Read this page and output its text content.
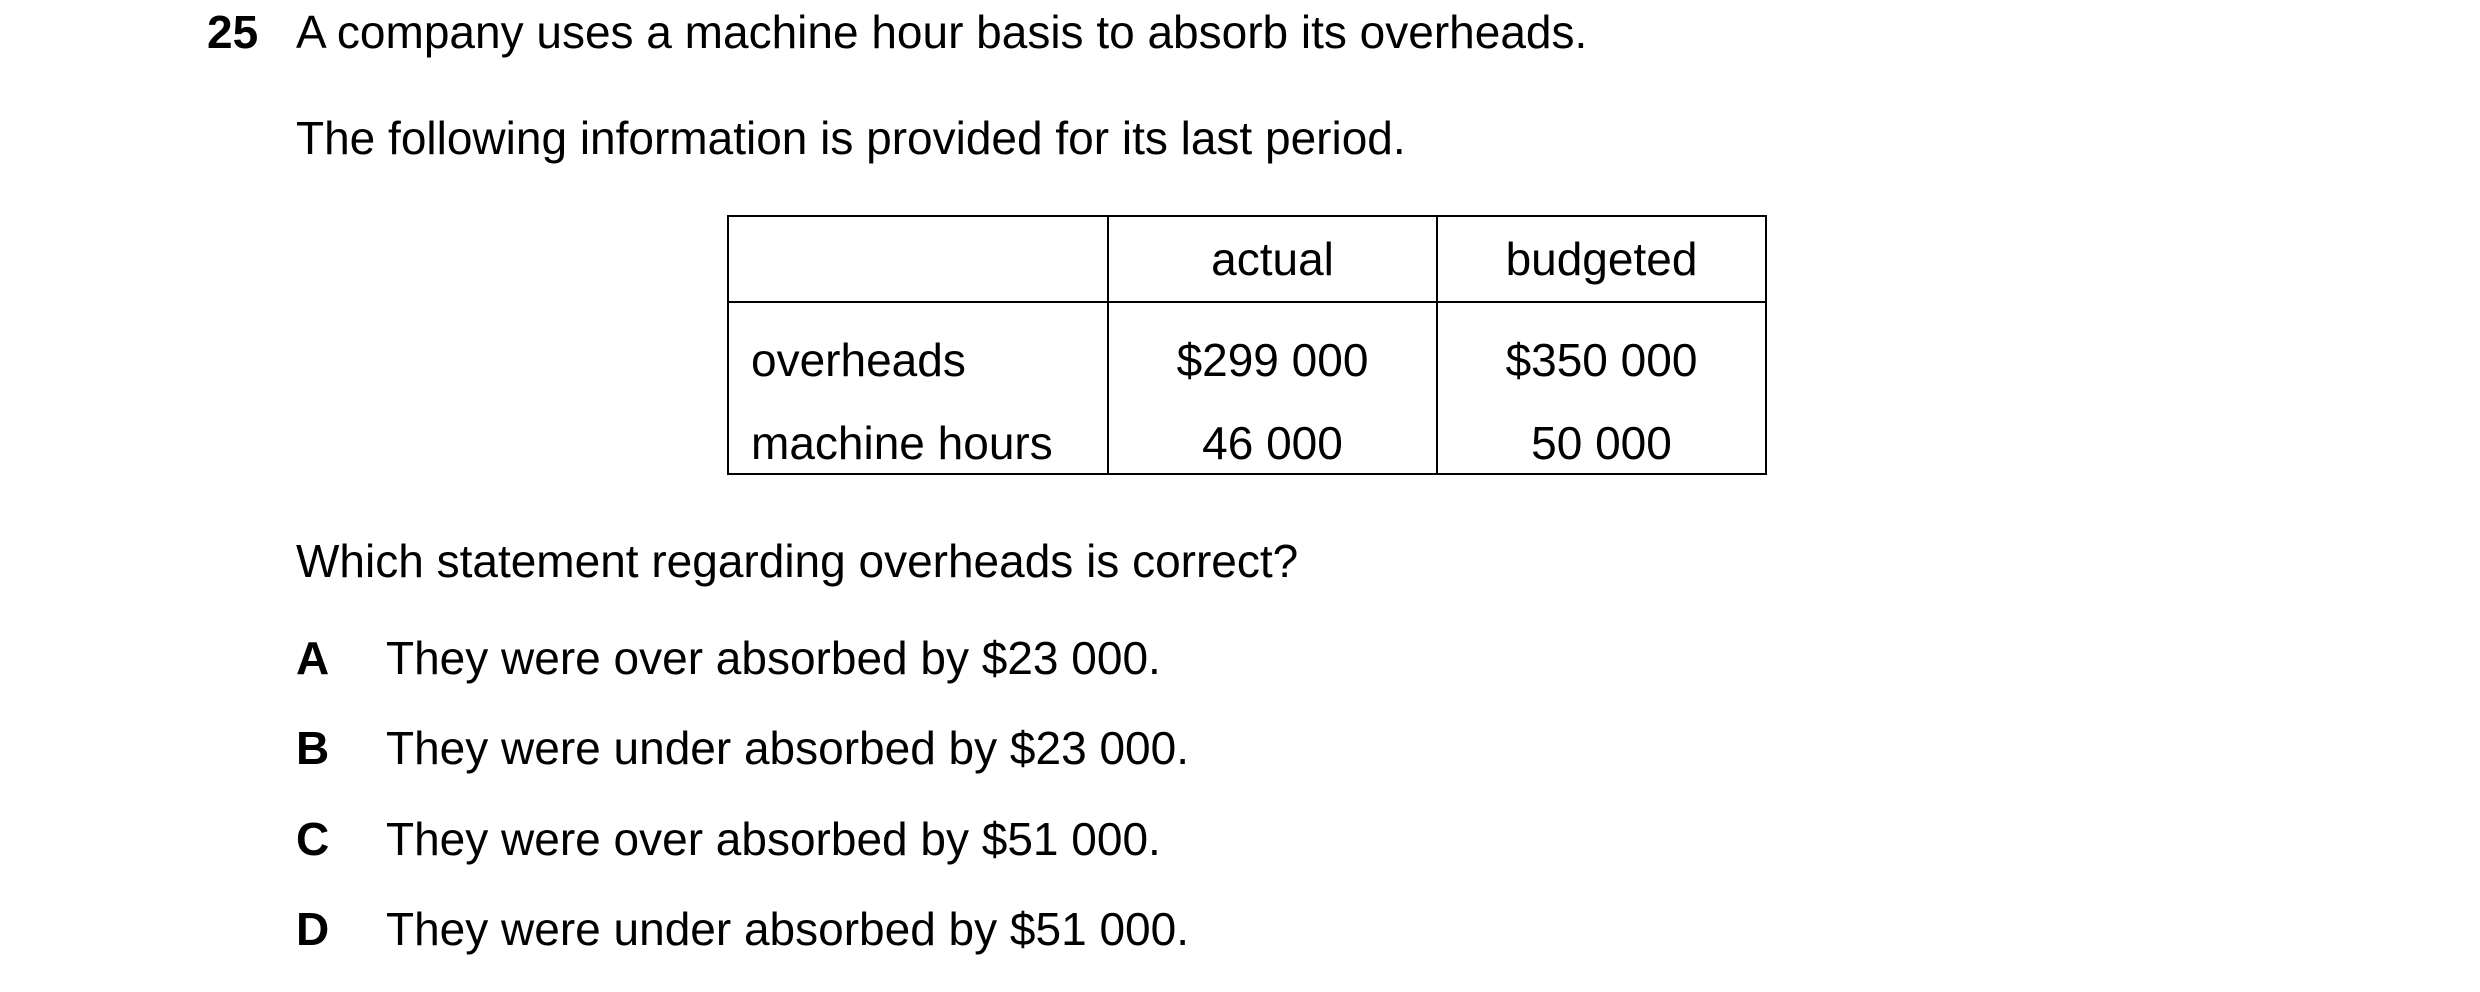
25 A company uses a machine hour basis to absorb its overheads.
The following information is provided for its last period.
	actual	budgeted
overheads	$299 000	$350 000
machine hours	46 000	50 000
Which statement regarding overheads is correct?
A They were over absorbed by $23 000.
B They were under absorbed by $23 000.
C They were over absorbed by $51 000.
D They were under absorbed by $51 000.
